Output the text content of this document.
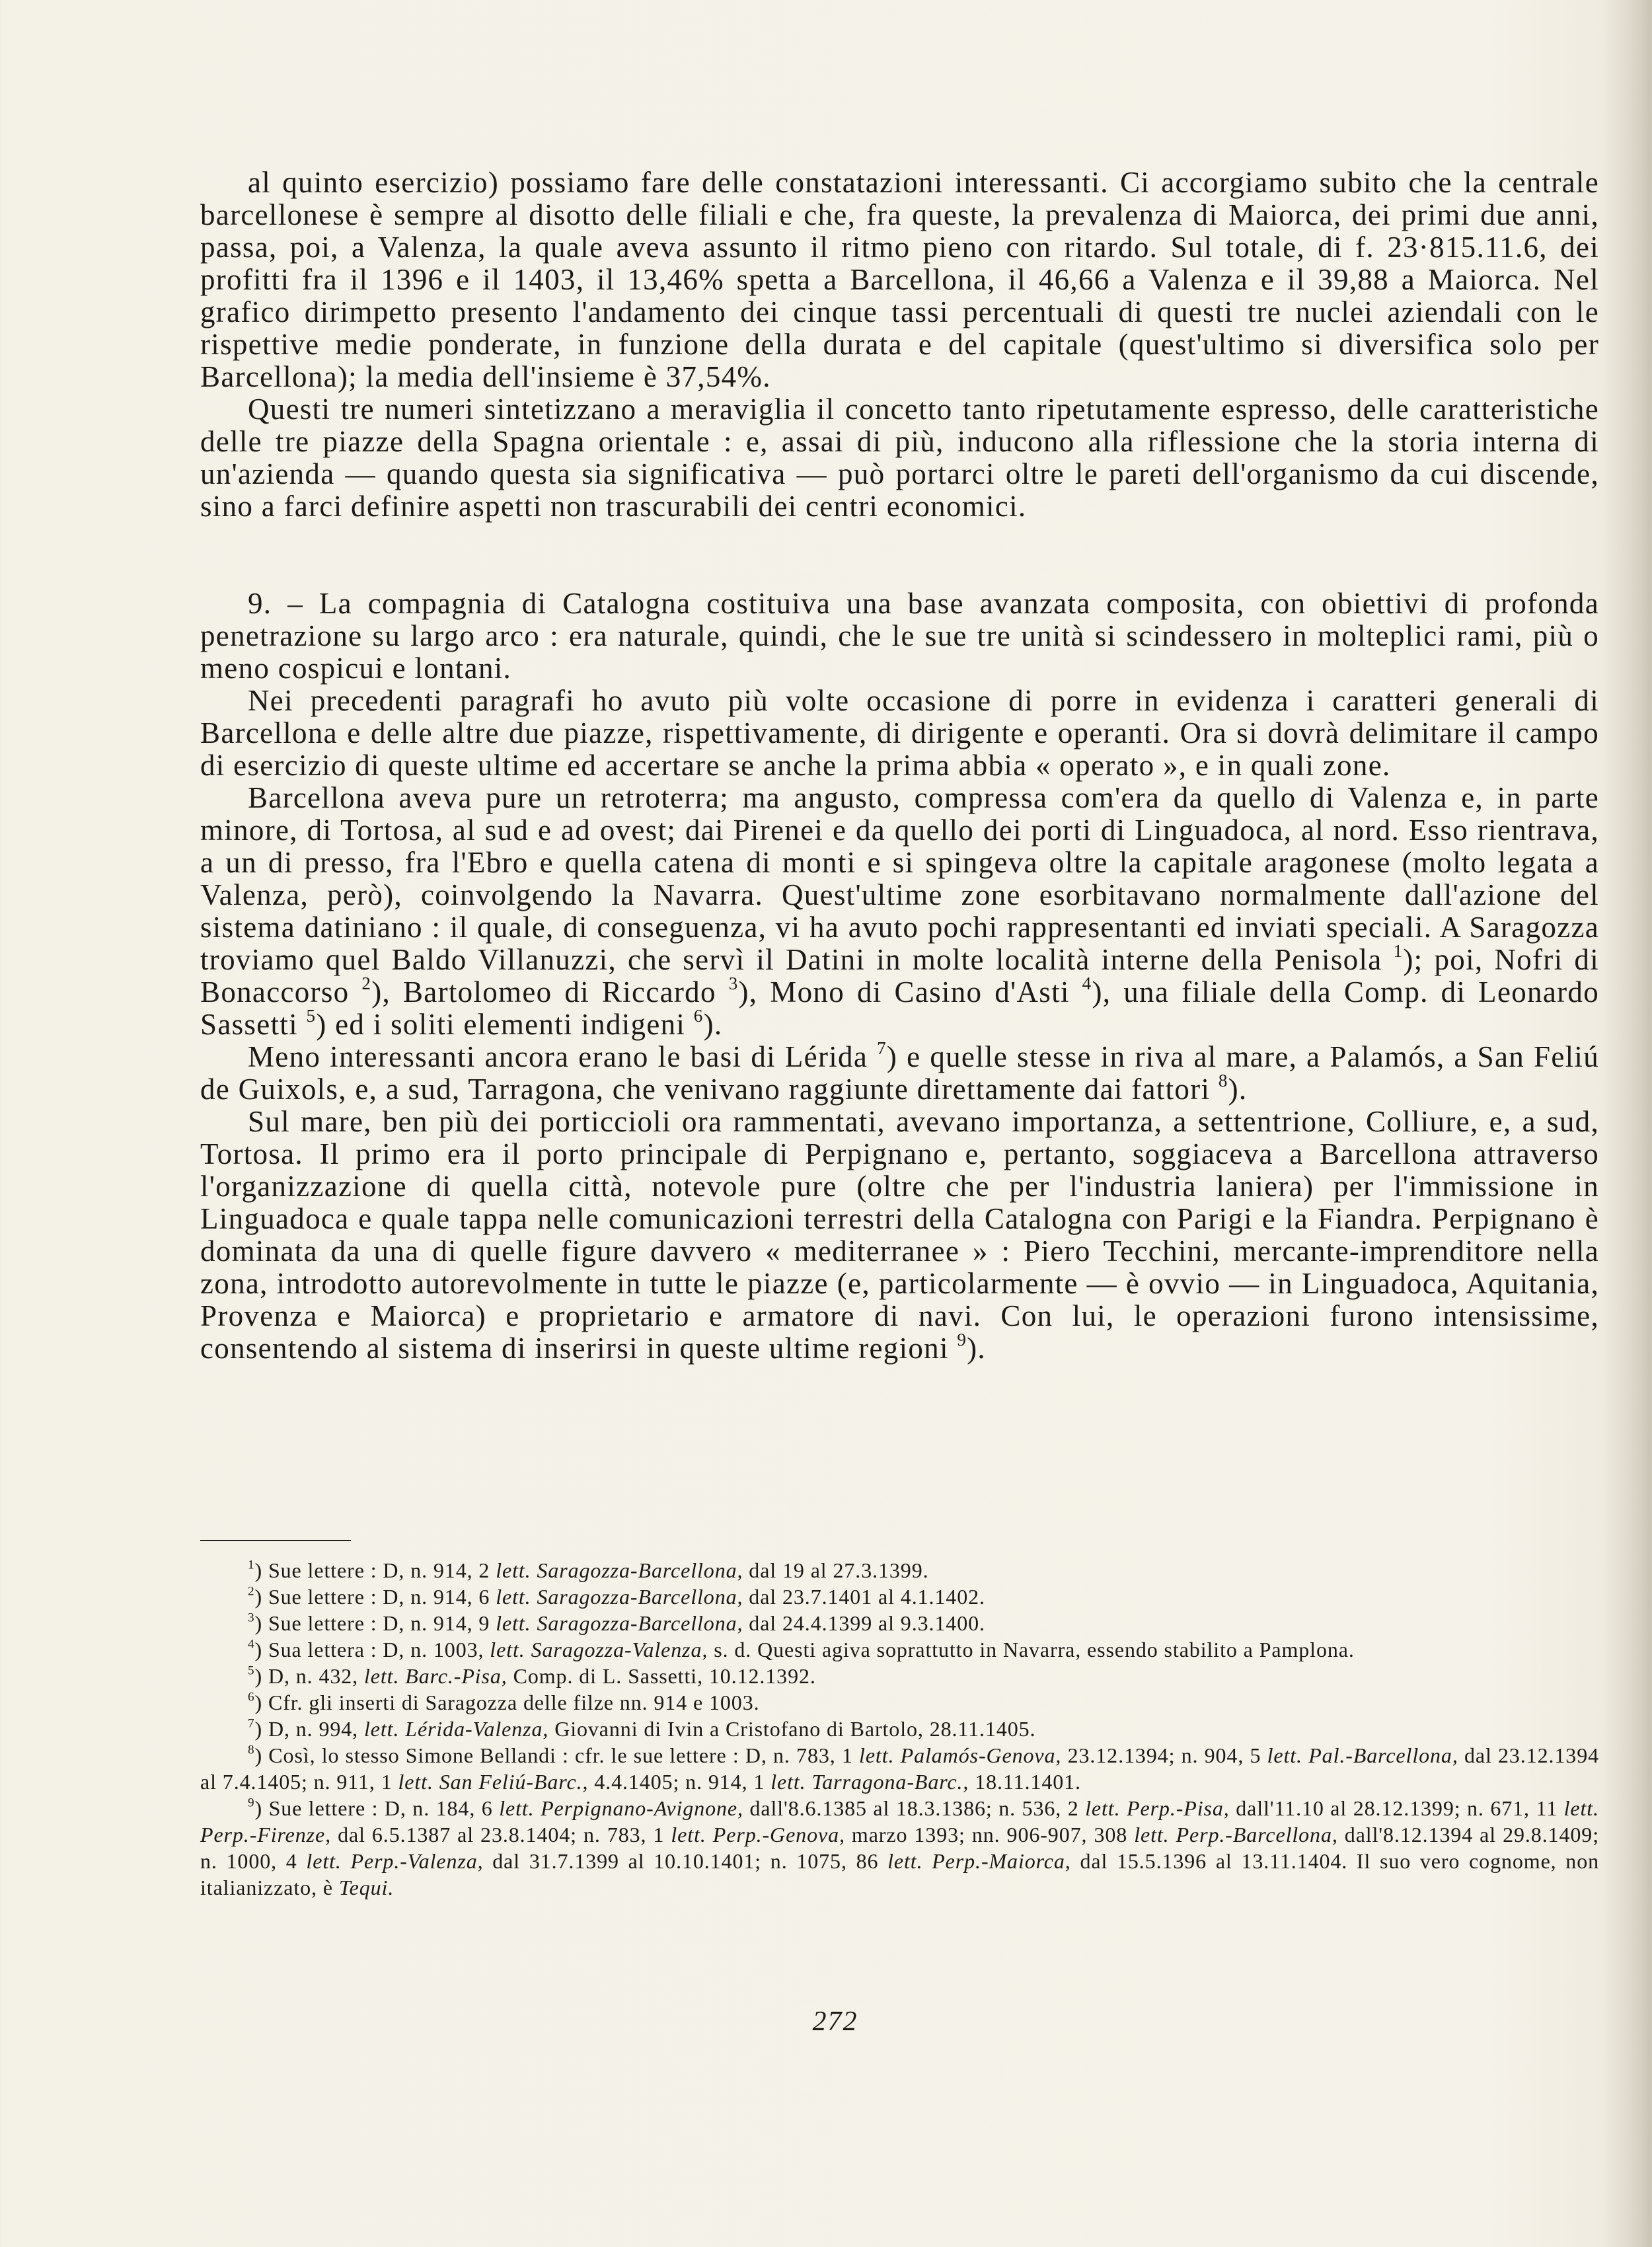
al quinto esercizio) possiamo fare delle constatazioni interessanti. Ci accorgiamo subito che la centrale barcellonese è sempre al disotto delle filiali e che, fra queste, la prevalenza di Maiorca, dei primi due anni, passa, poi, a Valenza, la quale aveva assunto il ritmo pieno con ritardo. Sul totale, di f. 23·815.11.6, dei profitti fra il 1396 e il 1403, il 13,46% spetta a Barcellona, il 46,66 a Valenza e il 39,88 a Maiorca. Nel grafico dirimpetto presento l'andamento dei cinque tassi percentuali di questi tre nuclei aziendali con le rispettive medie ponderate, in funzione della durata e del capitale (quest'ultimo si diversifica solo per Barcellona); la media dell'insieme è 37,54%.

Questi tre numeri sintetizzano a meraviglia il concetto tanto ripetutamente espresso, delle caratteristiche delle tre piazze della Spagna orientale : e, assai di più, inducono alla riflessione che la storia interna di un'azienda — quando questa sia significativa — può portarci oltre le pareti dell'organismo da cui discende, sino a farci definire aspetti non trascurabili dei centri economici.

9. – La compagnia di Catalogna costituiva una base avanzata composita, con obiettivi di profonda penetrazione su largo arco : era naturale, quindi, che le sue tre unità si scindessero in molteplici rami, più o meno cospicui e lontani.

Nei precedenti paragrafi ho avuto più volte occasione di porre in evidenza i caratteri generali di Barcellona e delle altre due piazze, rispettivamente, di dirigente e operanti. Ora si dovrà delimitare il campo di esercizio di queste ultime ed accertare se anche la prima abbia « operato », e in quali zone.

Barcellona aveva pure un retroterra; ma angusto, compressa com'era da quello di Valenza e, in parte minore, di Tortosa, al sud e ad ovest; dai Pirenei e da quello dei porti di Linguadoca, al nord. Esso rientrava, a un di presso, fra l'Ebro e quella catena di monti e si spingeva oltre la capitale aragonese (molto legata a Valenza, però), coinvolgendo la Navarra. Quest'ultime zone esorbitavano normalmente dall'azione del sistema datiniano : il quale, di conseguenza, vi ha avuto pochi rappresentanti ed inviati speciali. A Saragozza troviamo quel Baldo Villanuzzi, che servì il Datini in molte località interne della Penisola $^1$); poi, Nofri di Bonaccorso $^2$), Bartolomeo di Riccardo $^3$), Mono di Casino d'Asti $^4$), una filiale della Comp. di Leonardo Sassetti $^5$) ed i soliti elementi indigeni $^6$).

Meno interessanti ancora erano le basi di Lérida $^7$) e quelle stesse in riva al mare, a Palamós, a San Feliú de Guixols, e, a sud, Tarragona, che venivano raggiunte direttamente dai fattori $^8$).

Sul mare, ben più dei porticcioli ora rammentati, avevano importanza, a settentrione, Colliure, e, a sud, Tortosa. Il primo era il porto principale di Perpignano e, pertanto, soggiaceva a Barcellona attraverso l'organizzazione di quella città, notevole pure (oltre che per l'industria laniera) per l'immissione in Linguadoca e quale tappa nelle comunicazioni terrestri della Catalogna con Parigi e la Fiandra. Perpignano è dominata da una di quelle figure davvero « mediterranee » : Piero Tecchini, mercante-imprenditore nella zona, introdotto autorevolmente in tutte le piazze (e, particolarmente — è ovvio — in Linguadoca, Aquitania, Provenza e Maiorca) e proprietario e armatore di navi. Con lui, le operazioni furono intensissime, consentendo al sistema di inserirsi in queste ultime regioni $^9$).

$^1$) Sue lettere : D, n. 914, 2 lett. Saragozza-Barcellona, dal 19 al 27.3.1399.

$^2$) Sue lettere : D, n. 914, 6 lett. Saragozza-Barcellona, dal 23.7.1401 al 4.1.1402.

$^3$) Sue lettere : D, n. 914, 9 lett. Saragozza-Barcellona, dal 24.4.1399 al 9.3.1400.

$^4$) Sua lettera : D, n. 1003, lett. Saragozza-Valenza, s. d. Questi agiva soprattutto in Navarra, essendo stabilito a Pamplona.

$^5$) D, n. 432, lett. Barc.-Pisa, Comp. di L. Sassetti, 10.12.1392.

$^6$) Cfr. gli inserti di Saragozza delle filze nn. 914 e 1003.

$^7$) D, n. 994, lett. Lérida-Valenza, Giovanni di Ivin a Cristofano di Bartolo, 28.11.1405.

$^8$) Così, lo stesso Simone Bellandi : cfr. le sue lettere : D, n. 783, 1 lett. Palamós-Genova, 23.12.1394; n. 904, 5 lett. Pal.-Barcellona, dal 23.12.1394 al 7.4.1405; n. 911, 1 lett. San Feliú-Barc., 4.4.1405; n. 914, 1 lett. Tarragona-Barc., 18.11.1401.

$^9$) Sue lettere : D, n. 184, 6 lett. Perpignano-Avignone, dall'8.6.1385 al 18.3.1386; n. 536, 2 lett. Perp.-Pisa, dall'11.10 al 28.12.1399; n. 671, 11 lett. Perp.-Firenze, dal 6.5.1387 al 23.8.1404; n. 783, 1 lett. Perp.-Genova, marzo 1393; nn. 906-907, 308 lett. Perp.-Barcellona, dall'8.12.1394 al 29.8.1409; n. 1000, 4 lett. Perp.-Valenza, dal 31.7.1399 al 10.10.1401; n. 1075, 86 lett. Perp.-Maiorca, dal 15.5.1396 al 13.11.1404. Il suo vero cognome, non italianizzato, è Tequi.

272
